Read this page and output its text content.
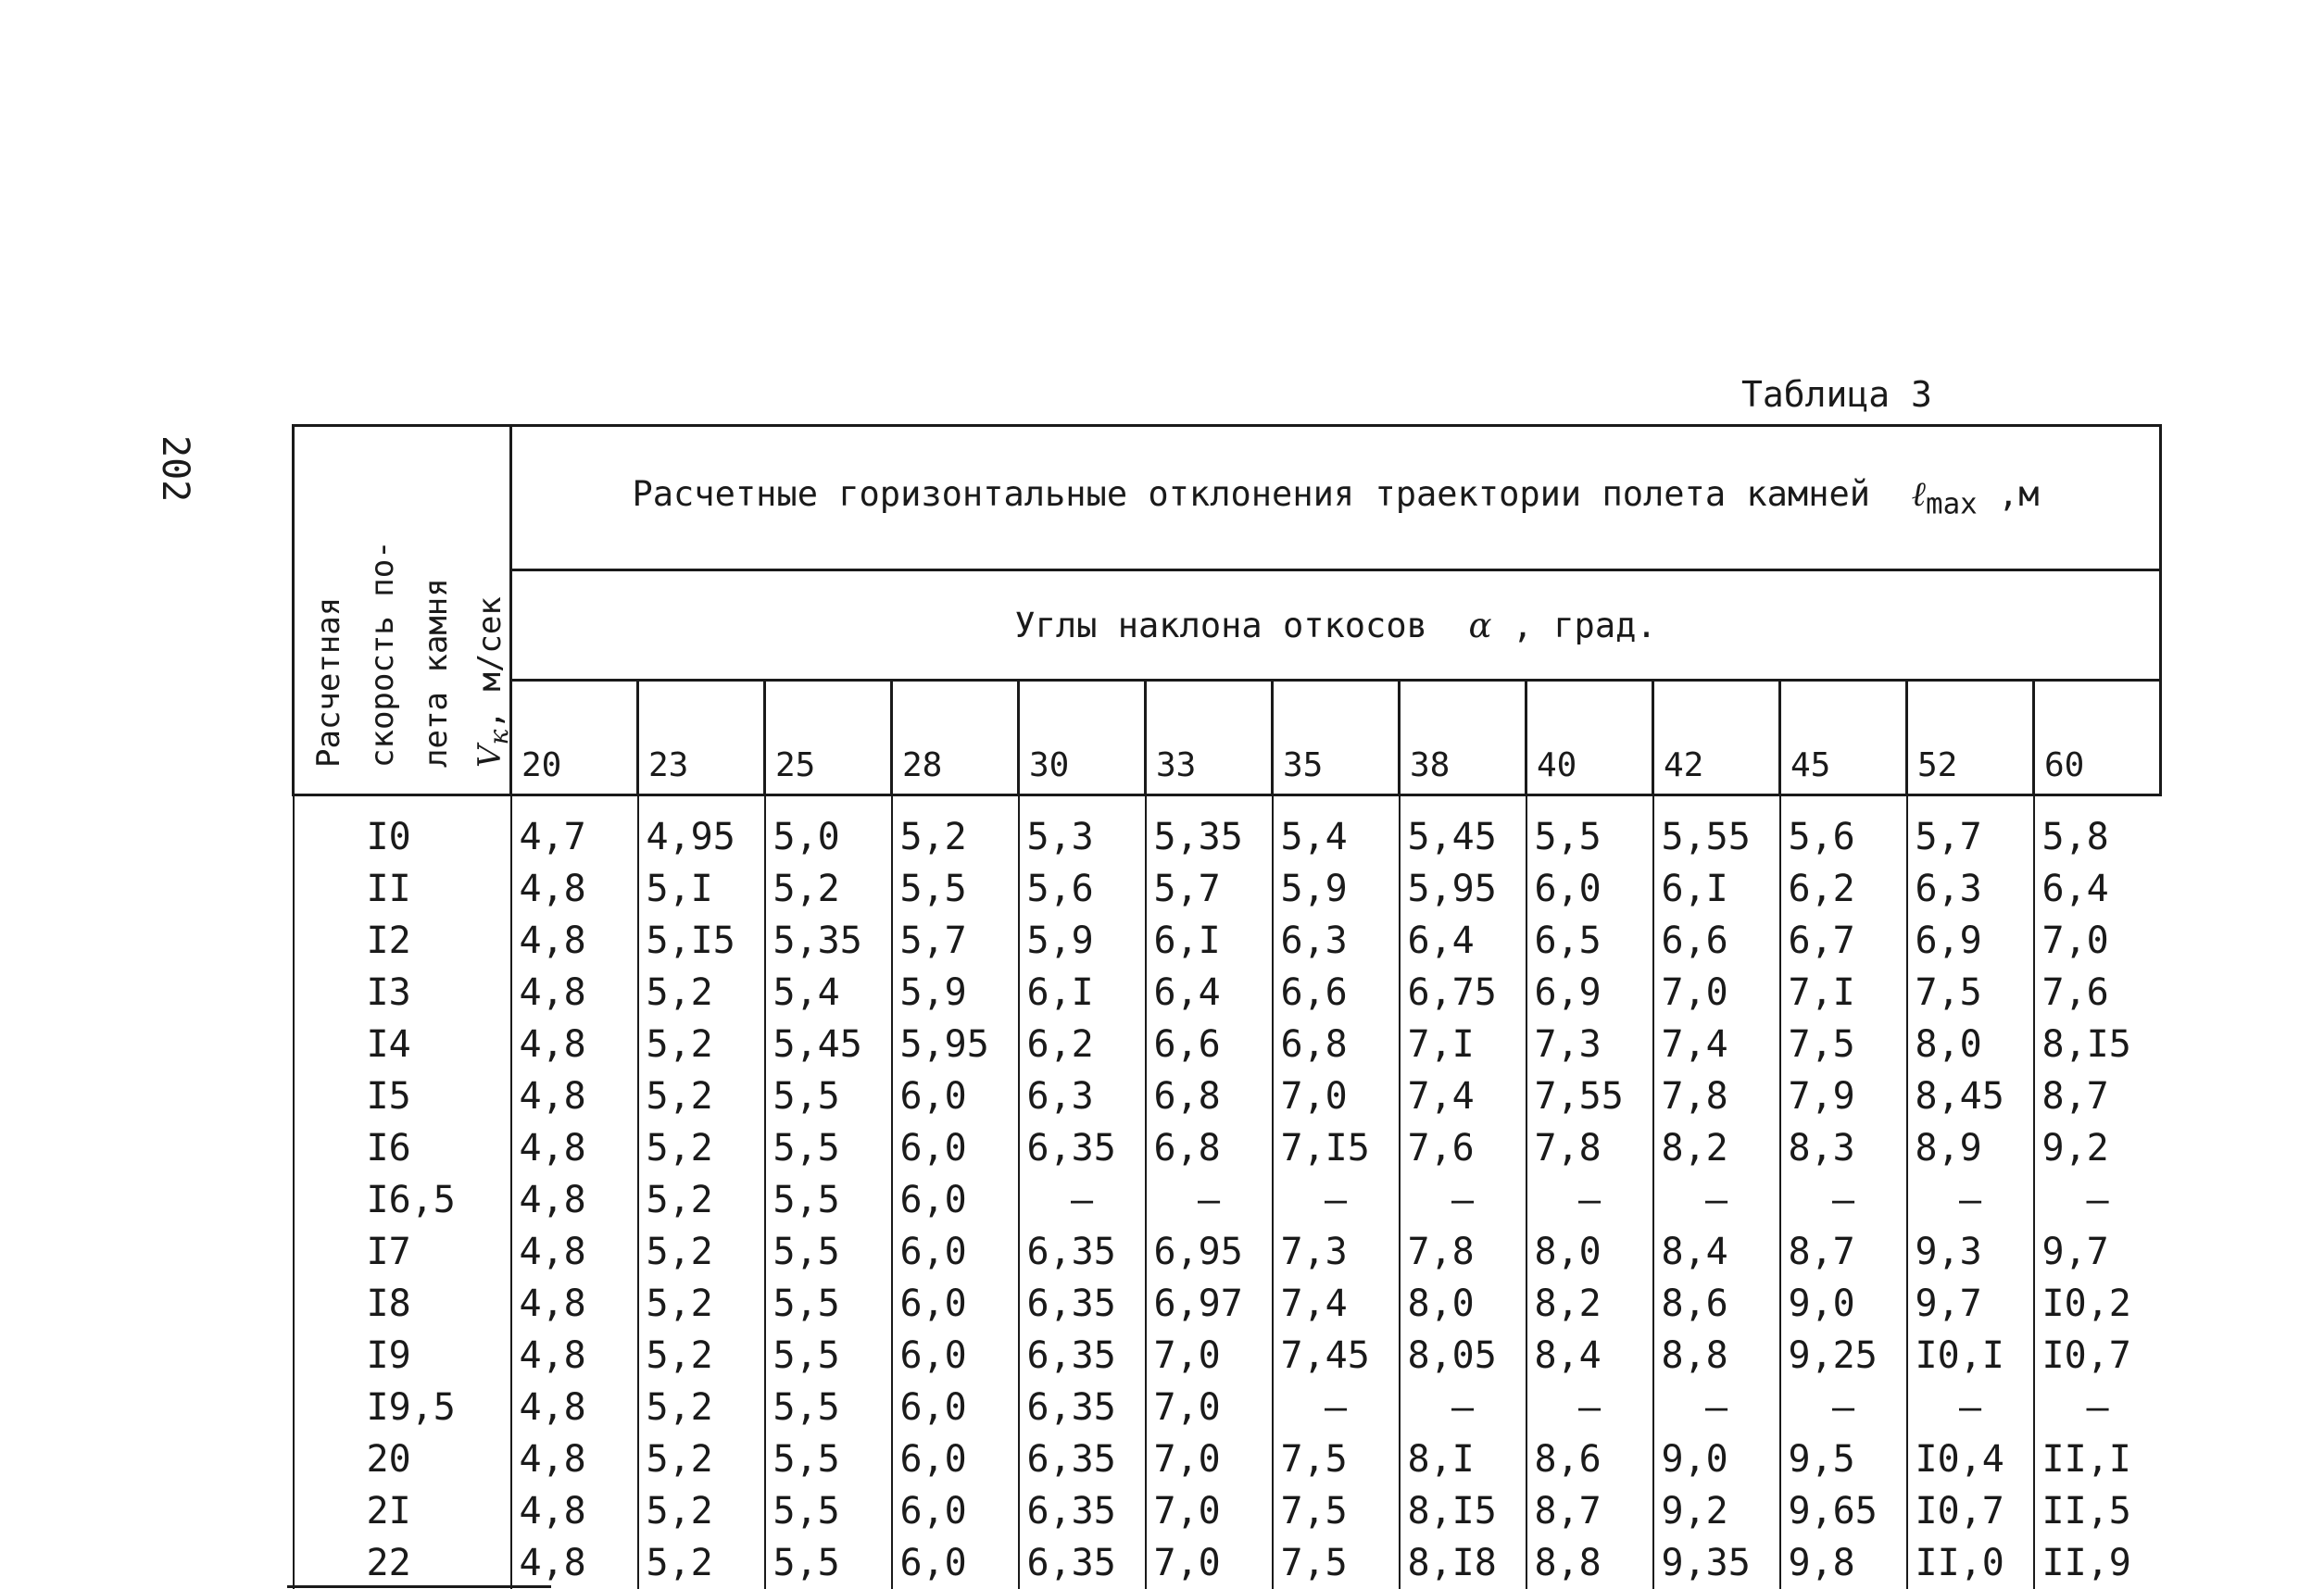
202
Таблица 3
Расчетная скорость по- лета камня $V_к$, м/сек	Расчетные горизонтальные отклонения траектории полета камней ℓ$_{max}$ ,м												
	Углы наклона откосов α , град.												
	20	23	25	28	30	33	35	38	40	42	45	52	60
I0	4,7	4,95	5,0	5,2	5,3	5,35	5,4	5,45	5,5	5,55	5,6	5,7	5,8
II	4,8	5,I	5,2	5,5	5,6	5,7	5,9	5,95	6,0	6,I	6,2	6,3	6,4
I2	4,8	5,I5	5,35	5,7	5,9	6,I	6,3	6,4	6,5	6,6	6,7	6,9	7,0
I3	4,8	5,2	5,4	5,9	6,I	6,4	6,6	6,75	6,9	7,0	7,I	7,5	7,6
I4	4,8	5,2	5,45	5,95	6,2	6,6	6,8	7,I	7,3	7,4	7,5	8,0	8,I5
I5	4,8	5,2	5,5	6,0	6,3	6,8	7,0	7,4	7,55	7,8	7,9	8,45	8,7
I6	4,8	5,2	5,5	6,0	6,35	6,8	7,I5	7,6	7,8	8,2	8,3	8,9	9,2
I6,5	4,8	5,2	5,5	6,0	–	–	–	–	–	–	–	–	–
I7	4,8	5,2	5,5	6,0	6,35	6,95	7,3	7,8	8,0	8,4	8,7	9,3	9,7
I8	4,8	5,2	5,5	6,0	6,35	6,97	7,4	8,0	8,2	8,6	9,0	9,7	I0,2
I9	4,8	5,2	5,5	6,0	6,35	7,0	7,45	8,05	8,4	8,8	9,25	I0,I	I0,7
I9,5	4,8	5,2	5,5	6,0	6,35	7,0	–	–	–	–	–	–	–
20	4,8	5,2	5,5	6,0	6,35	7,0	7,5	8,I	8,6	9,0	9,5	I0,4	II,I
2I	4,8	5,2	5,5	6,0	6,35	7,0	7,5	8,I5	8,7	9,2	9,65	I0,7	II,5
22	4,8	5,2	5,5	6,0	6,35	7,0	7,5	8,I8	8,8	9,35	9,8	II,0	II,9
